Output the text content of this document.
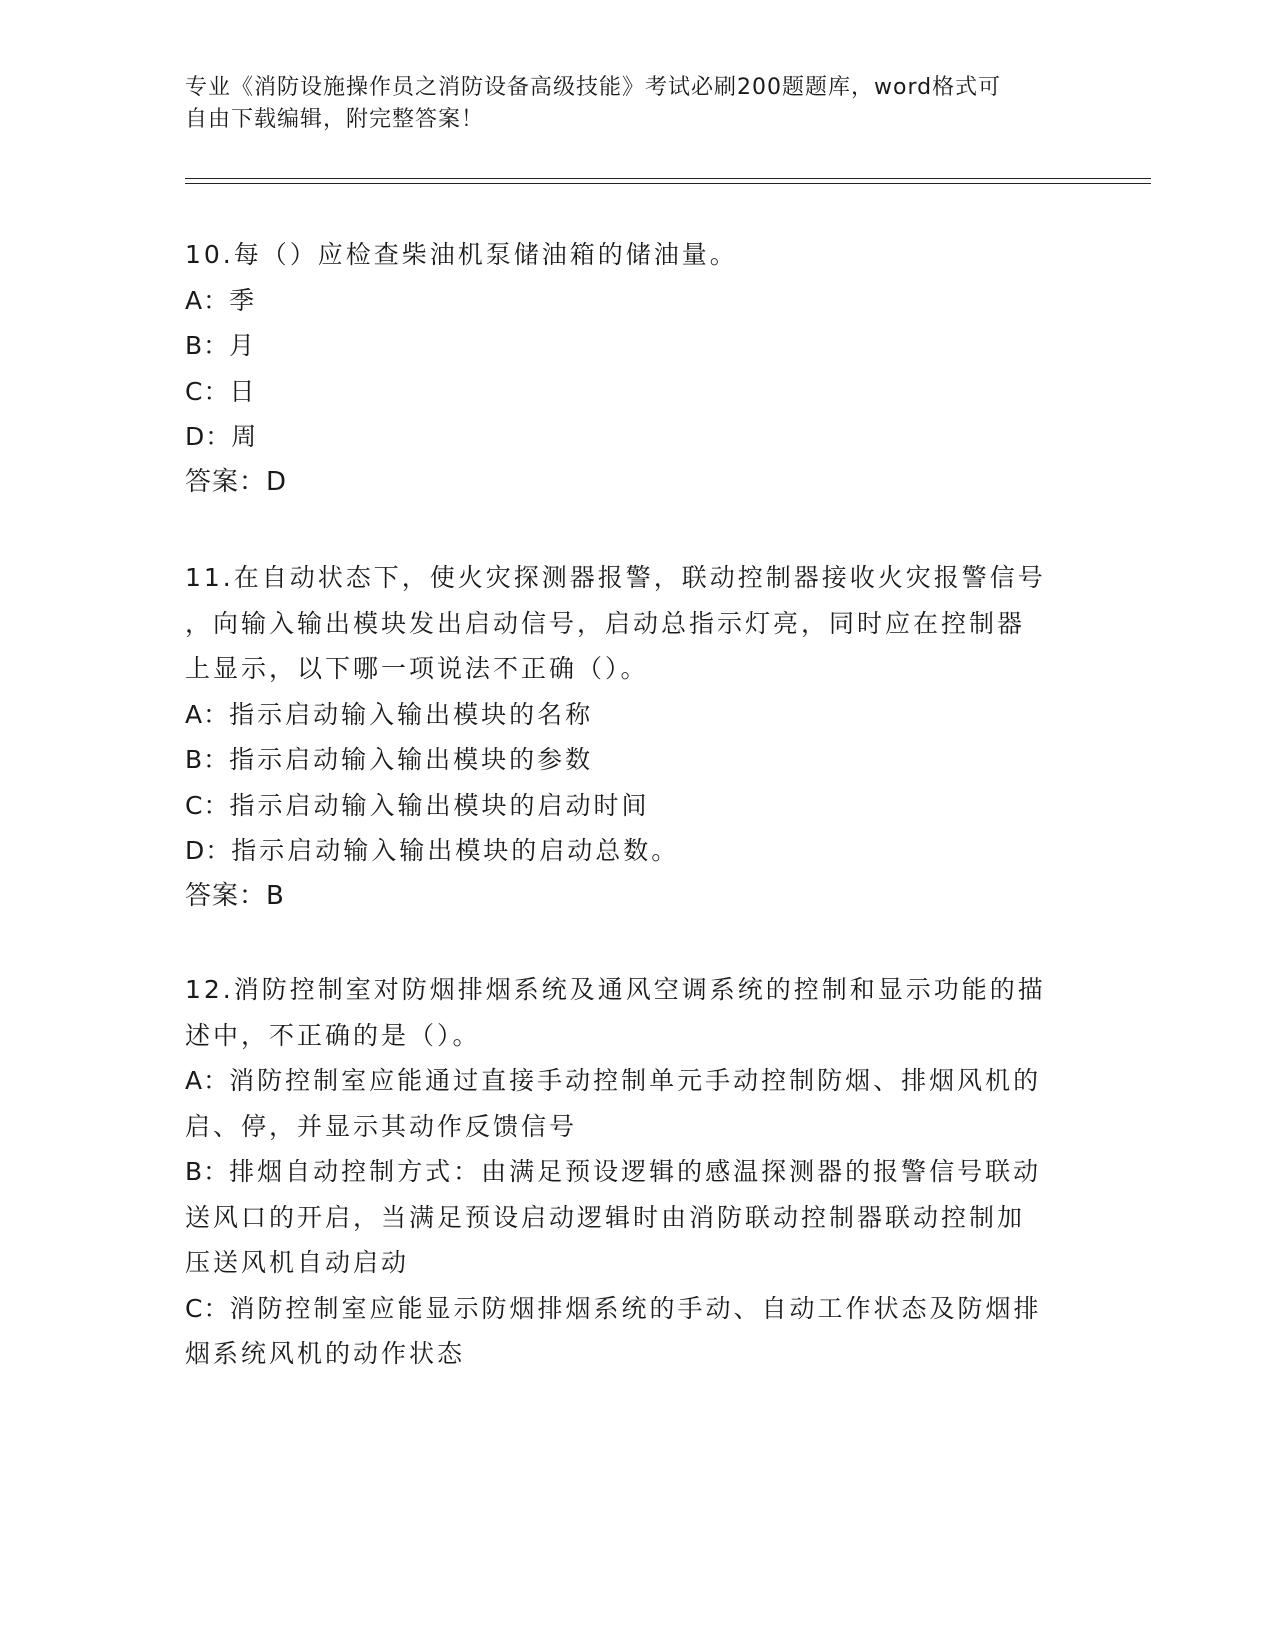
专业《消防设施操作员之消防设备高级技能》考试必刷200题题库，word格式可
自由下载编辑，附完整答案！

10.每（）应检查柴油机泵储油箱的储油量。

A：季

B：月

C：日

D：周

答案：D

11.在自动状态下，使火灾探测器报警，联动控制器接收火灾报警信号

，向输入输出模块发出启动信号，启动总指示灯亮，同时应在控制器

上显示，以下哪一项说法不正确（）。

A：指示启动输入输出模块的名称

B：指示启动输入输出模块的参数

C：指示启动输入输出模块的启动时间

D：指示启动输入输出模块的启动总数。

答案：B

12.消防控制室对防烟排烟系统及通风空调系统的控制和显示功能的描

述中，不正确的是（）。

A：消防控制室应能通过直接手动控制单元手动控制防烟、排烟风机的

启、停，并显示其动作反馈信号

B：排烟自动控制方式：由满足预设逻辑的感温探测器的报警信号联动

送风口的开启，当满足预设启动逻辑时由消防联动控制器联动控制加

压送风机自动启动

C：消防控制室应能显示防烟排烟系统的手动、自动工作状态及防烟排

烟系统风机的动作状态
